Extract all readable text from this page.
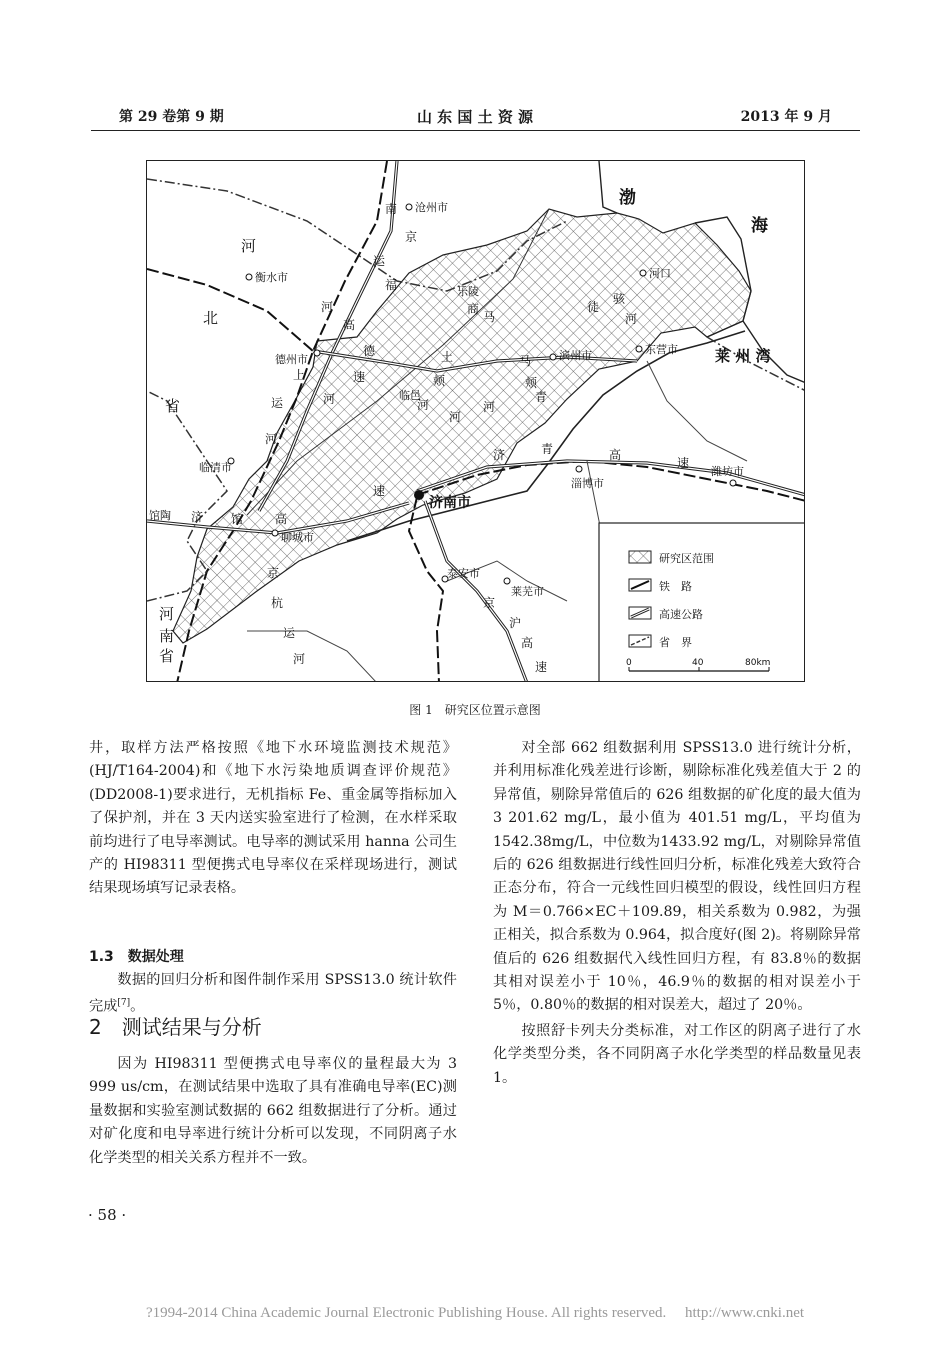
第 29 卷第 9 期	山 东 国 土 资 源	2013 年 9 月
渤
海
莱 州 湾
河
北
省
河
南
省
沧州市
衡水市
德州市
临清市
馆陶
聊城市
济南市
泰安市
莱芜市
淄博市
潍坊市
东营市
滨州市
河口
乐陵
临邑
南
京
运
福
河
高
德
上	速
运	河
马
颊
徒
骇
河
河
商
河
速
青
济	青	高
速
济 馆	高
京
杭
运
河
京
沪
高
速
土
河
马
颊
河
研究区范围
铁　路
高速公路
省　界
0	40	80km
图 1　研究区位置示意图

井，取样方法严格按照《地下水环境监测技术规范》(HJ/T164-2004)和《地下水污染地质调查评价规范》(DD2008-1)要求进行，无机指标 Fe、重金属等指标加入了保护剂，并在 3 天内送实验室进行了检测，在水样采取前均进行了电导率测试。电导率的测试采用 hanna 公司生产的 HI98311 型便携式电导率仪在采样现场进行，测试结果现场填写记录表格。

1.3　数据处理

数据的回归分析和图件制作采用 SPSS13.0 统计软件完成[7]。

2　测试结果与分析

因为 HI98311 型便携式电导率仪的量程最大为 3 999 us/cm，在测试结果中选取了具有准确电导率(EC)测量数据和实验室测试数据的 662 组数据进行了分析。通过对矿化度和电导率进行统计分析可以发现，不同阴离子水化学类型的相关关系方程并不一致。

· 58 ·

对全部 662 组数据利用 SPSS13.0 进行统计分析，并利用标准化残差进行诊断，剔除标准化残差值大于 2 的异常值，剔除异常值后的 626 组数据的矿化度的最大值为 3 201.62 mg/L，最小值为 401.51 mg/L，平均值为1542.38mg/L，中位数为1433.92 mg/L，对剔除异常值后的 626 组数据进行线性回归分析，标准化残差大致符合正态分布，符合一元线性回归模型的假设，线性回归方程为 M＝0.766×EC＋109.89，相关系数为 0.982，为强正相关，拟合系数为 0.964，拟合度好(图 2)。将剔除异常值后的 626 组数据代入线性回归方程，有 83.8％的数据其相对误差小于 10％，46.9％的数据的相对误差小于 5％，0.80％的数据的相对误差大，超过了 20％。

按照舒卡列夫分类标准，对工作区的阴离子进行了水化学类型分类，各不同阴离子水化学类型的样品数量见表 1。

?1994-2014 China Academic Journal Electronic Publishing House. All rights reserved.　 http://www.cnki.net
